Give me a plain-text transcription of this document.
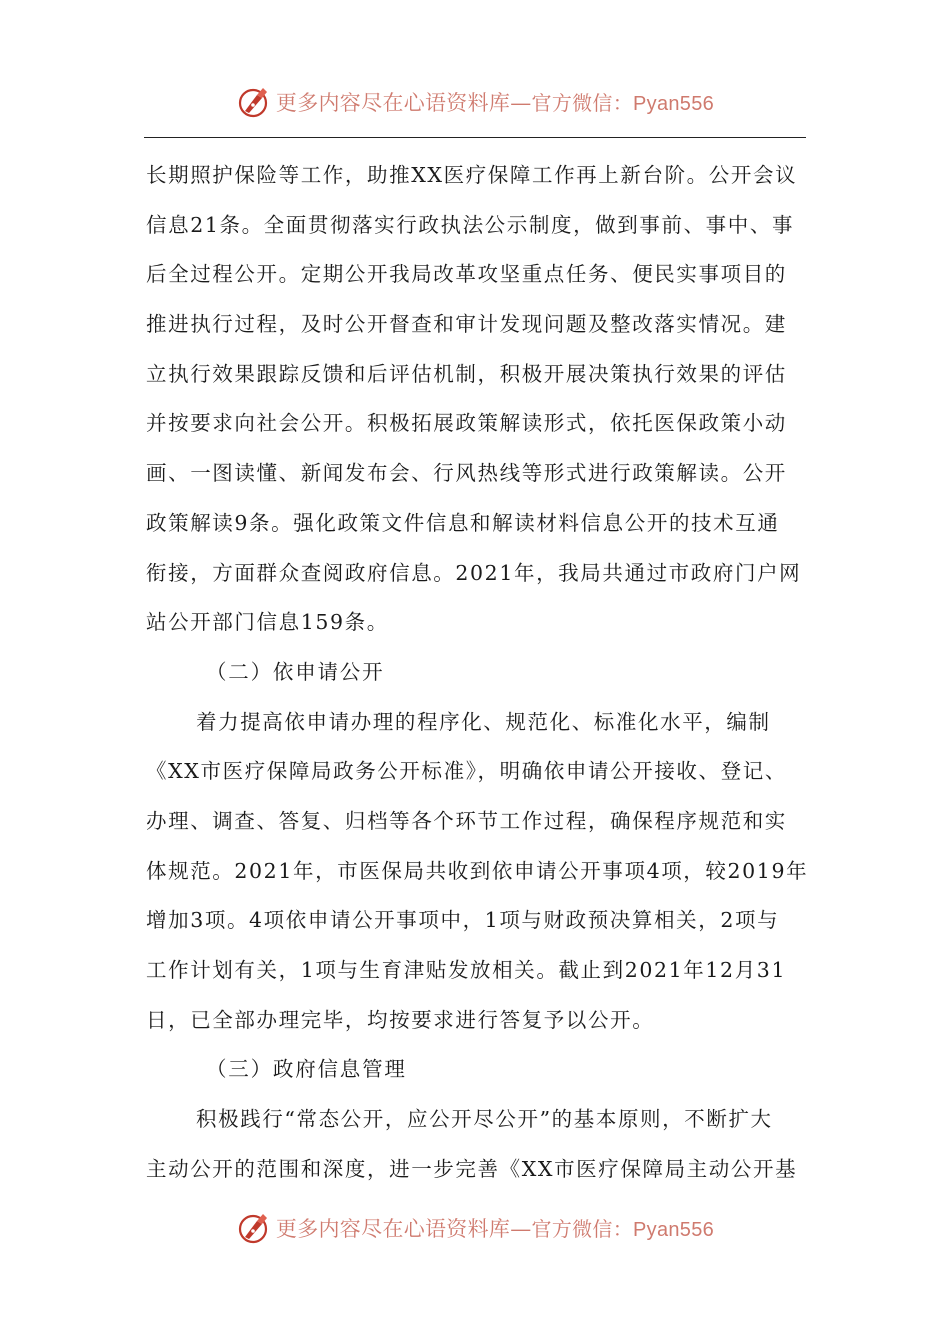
更多内容尽在心语资料库—官方微信：Pyan556
长期照护保险等工作，助推XX医疗保障工作再上新台阶。公开会议
信息21条。全面贯彻落实行政执法公示制度，做到事前、事中、事
后全过程公开。定期公开我局改革攻坚重点任务、便民实事项目的
推进执行过程，及时公开督查和审计发现问题及整改落实情况。建
立执行效果跟踪反馈和后评估机制，积极开展决策执行效果的评估
并按要求向社会公开。积极拓展政策解读形式，依托医保政策小动
画、一图读懂、新闻发布会、行风热线等形式进行政策解读。公开
政策解读9条。强化政策文件信息和解读材料信息公开的技术互通
衔接，方面群众查阅政府信息。2021年，我局共通过市政府门户网
站公开部门信息159条。
（二）依申请公开
着力提高依申请办理的程序化、规范化、标准化水平，编制
《XX市医疗保障局政务公开标准》，明确依申请公开接收、登记、
办理、调查、答复、归档等各个环节工作过程，确保程序规范和实
体规范。2021年，市医保局共收到依申请公开事项4项，较2019年
增加3项。4项依申请公开事项中，1项与财政预决算相关，2项与
工作计划有关，1项与生育津贴发放相关。截止到2021年12月31
日，已全部办理完毕，均按要求进行答复予以公开。
（三）政府信息管理
积极践行“常态公开，应公开尽公开”的基本原则，不断扩大
主动公开的范围和深度，进一步完善《XX市医疗保障局主动公开基
更多内容尽在心语资料库—官方微信：Pyan556
